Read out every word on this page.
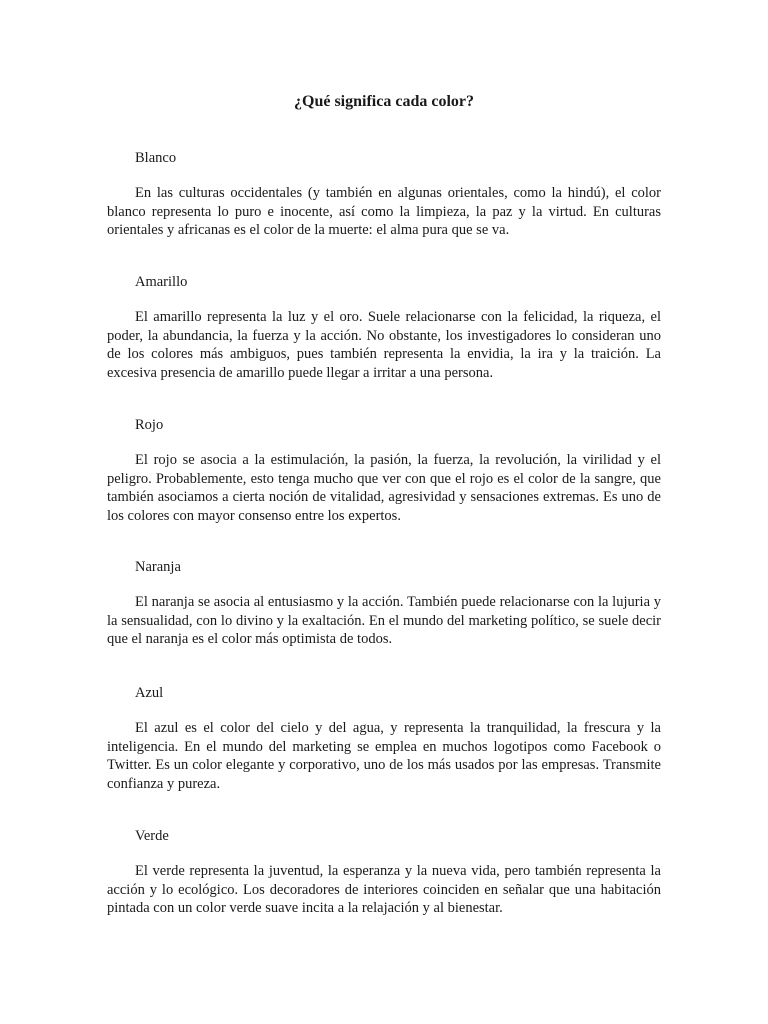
¿Qué significa cada color?

Blanco

En las culturas occidentales (y también en algunas orientales, como la hindú), el color blanco representa lo puro e inocente, así como la limpieza, la paz y la virtud. En culturas orientales y africanas es el color de la muerte: el alma pura que se va.

Amarillo

El amarillo representa la luz y el oro. Suele relacionarse con la felicidad, la riqueza, el poder, la abundancia, la fuerza y la acción. No obstante, los investigadores lo consideran uno de los colores más ambiguos, pues también representa la envidia, la ira y la traición. La excesiva presencia de amarillo puede llegar a irritar a una persona.

Rojo

El rojo se asocia a la estimulación, la pasión, la fuerza, la revolución, la virilidad y el peligro. Probablemente, esto tenga mucho que ver con que el rojo es el color de la sangre, que también asociamos a cierta noción de vitalidad, agresividad y sensaciones extremas. Es uno de los colores con mayor consenso entre los expertos.

Naranja

El naranja se asocia al entusiasmo y la acción. También puede relacionarse con la lujuria y la sensualidad, con lo divino y la exaltación. En el mundo del marketing político, se suele decir que el naranja es el color más optimista de todos.

Azul

El azul es el color del cielo y del agua, y representa la tranquilidad, la frescura y la inteligencia. En el mundo del marketing se emplea en muchos logotipos como Facebook o Twitter. Es un color elegante y corporativo, uno de los más usados por las empresas. Transmite confianza y pureza.

Verde

El verde representa la juventud, la esperanza y la nueva vida, pero también representa la acción y lo ecológico. Los decoradores de interiores coinciden en señalar que una habitación pintada con un color verde suave incita a la relajación y al bienestar.
